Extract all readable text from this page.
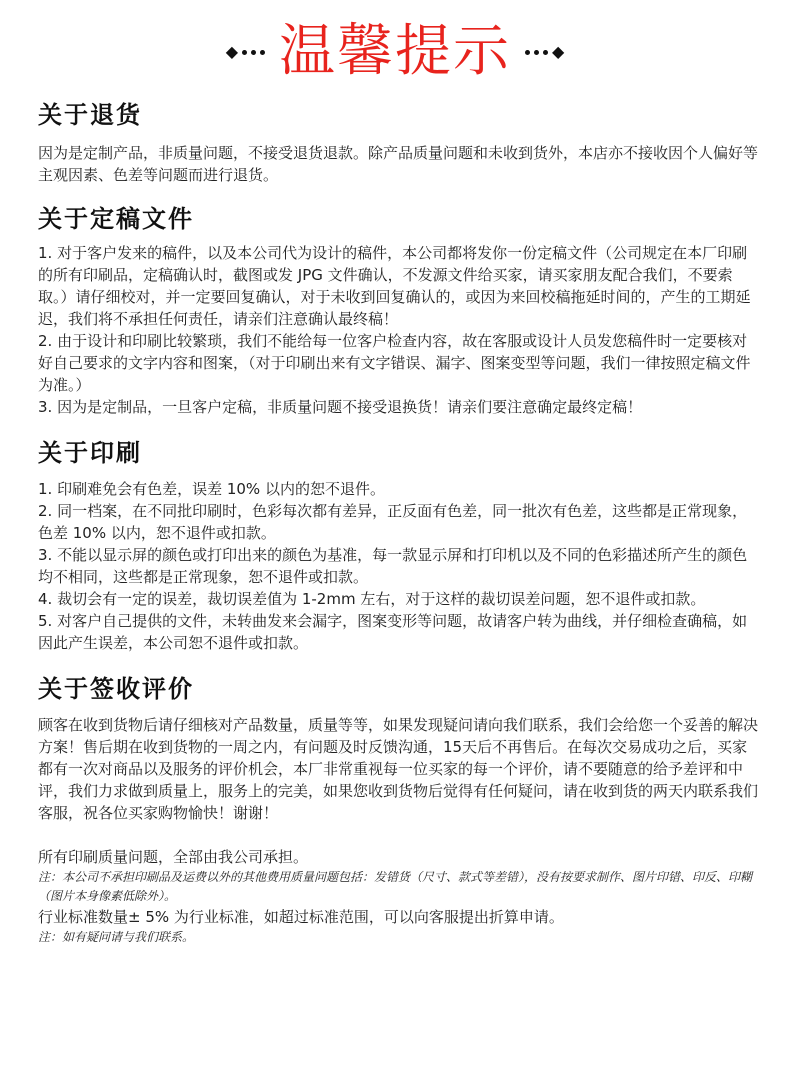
◆ 温馨提示	◆
关于退货

因为是定制产品，非质量问题，不接受退货退款。除产品质量问题和未收到货外，本店亦不接收因个人偏好等主观因素、色差等问题而进行退货。

关于定稿文件

1. 对于客户发来的稿件，以及本公司代为设计的稿件，本公司都将发你一份定稿文件（公司规定在本厂印刷的所有印刷品，定稿确认时，截图或发 JPG 文件确认，不发源文件给买家，请买家朋友配合我们，不要索取。）请仔细校对，并一定要回复确认，对于未收到回复确认的，或因为来回校稿拖延时间的，产生的工期延迟，我们将不承担任何责任，请亲们注意确认最终稿！

2. 由于设计和印刷比较繁琐，我们不能给每一位客户检查内容，故在客服或设计人员发您稿件时一定要核对好自己要求的文字内容和图案，（对于印刷出来有文字错误、漏字、图案变型等问题，我们一律按照定稿文件为准。）

3. 因为是定制品，一旦客户定稿，非质量问题不接受退换货！请亲们要注意确定最终定稿！

关于印刷

1. 印刷难免会有色差，误差 10% 以内的恕不退件。

2. 同一档案，在不同批印刷时，色彩每次都有差异，正反面有色差，同一批次有色差，这些都是正常现象，色差 10% 以内，恕不退件或扣款。

3. 不能以显示屏的颜色或打印出来的颜色为基准，每一款显示屏和打印机以及不同的色彩描述所产生的颜色均不相同，这些都是正常现象，恕不退件或扣款。

4. 裁切会有一定的误差，裁切误差值为 1-2mm 左右，对于这样的裁切误差问题，恕不退件或扣款。

5. 对客户自己提供的文件，未转曲发来会漏字，图案变形等问题，故请客户转为曲线，并仔细检查确稿，如因此产生误差，本公司恕不退件或扣款。

关于签收评价

顾客在收到货物后请仔细核对产品数量，质量等等，如果发现疑问请向我们联系，我们会给您一个妥善的解决方案！售后期在收到货物的一周之内，有问题及时反馈沟通，15天后不再售后。在每次交易成功之后，买家都有一次对商品以及服务的评价机会，本厂非常重视每一位买家的每一个评价，请不要随意的给予差评和中评，我们力求做到质量上，服务上的完美，如果您收到货物后觉得有任何疑问，请在收到货的两天内联系我们客服，祝各位买家购物愉快！谢谢！

所有印刷质量问题，全部由我公司承担。

注：本公司不承担印刷品及运费以外的其他费用质量问题包括：发错货（尺寸、款式等差错），没有按要求制作、图片印错、印反、印糊（图片本身像素低除外）。

行业标准数量± 5% 为行业标准，如超过标准范围，可以向客服提出折算申请。

注：如有疑问请与我们联系。
